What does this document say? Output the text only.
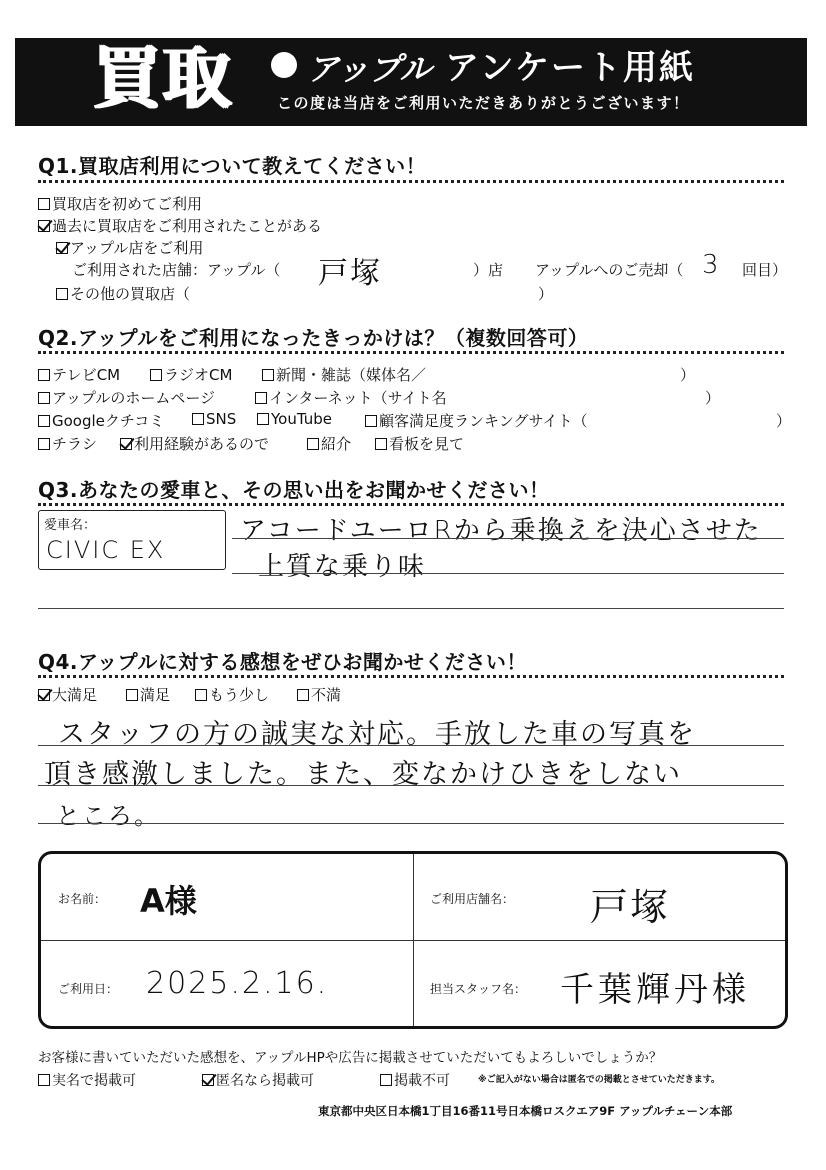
買取 アップル アンケート用紙
この度は当店をご利用いただきありがとうございます！
Q1.買取店利用について教えてください！
買取店を初めてご利用
過去に買取店をご利用されたことがある
アップル店をご利用
ご利用された店舗：アップル（ 戸塚	）店 アップルへのご売却（ 3 回目）
その他の買取店（	）
Q2.アップルをご利用になったきっかけは？（複数回答可）
テレビCM	ラジオCM	新聞・雑誌（媒体名／	）
アップルのホームページ	インターネット（サイト名	）
Googleクチコミ	SNS YouTube	顧客満足度ランキングサイト（	）
チラシ 利用経験があるので	紹介	看板を見て
Q3.あなたの愛車と、その思い出をお聞かせください！
愛車名：
CIVIC EX
アコードユーロRから乗換えを決心させた
上質な乗り味
Q4.アップルに対する感想をぜひお聞かせください！
大満足	満足	もう少し	不満
スタッフの方の誠実な対応。手放した車の写真を
頂き感激しました。また、変なかけひきをしない
ところ。
お名前： A様	ご利用店舗名： 戸塚
ご利用日： 2025.2.16.	担当スタッフ名： 千葉輝丹様
お客様に書いていただいた感想を、アップルHPや広告に掲載させていただいてもよろしいでしょうか？
実名で掲載可	匿名なら掲載可	掲載不可	※ご記入がない場合は匿名での掲載とさせていただきます。
東京都中央区日本橋1丁目16番11号日本橋ロスクエア9F アップルチェーン本部
